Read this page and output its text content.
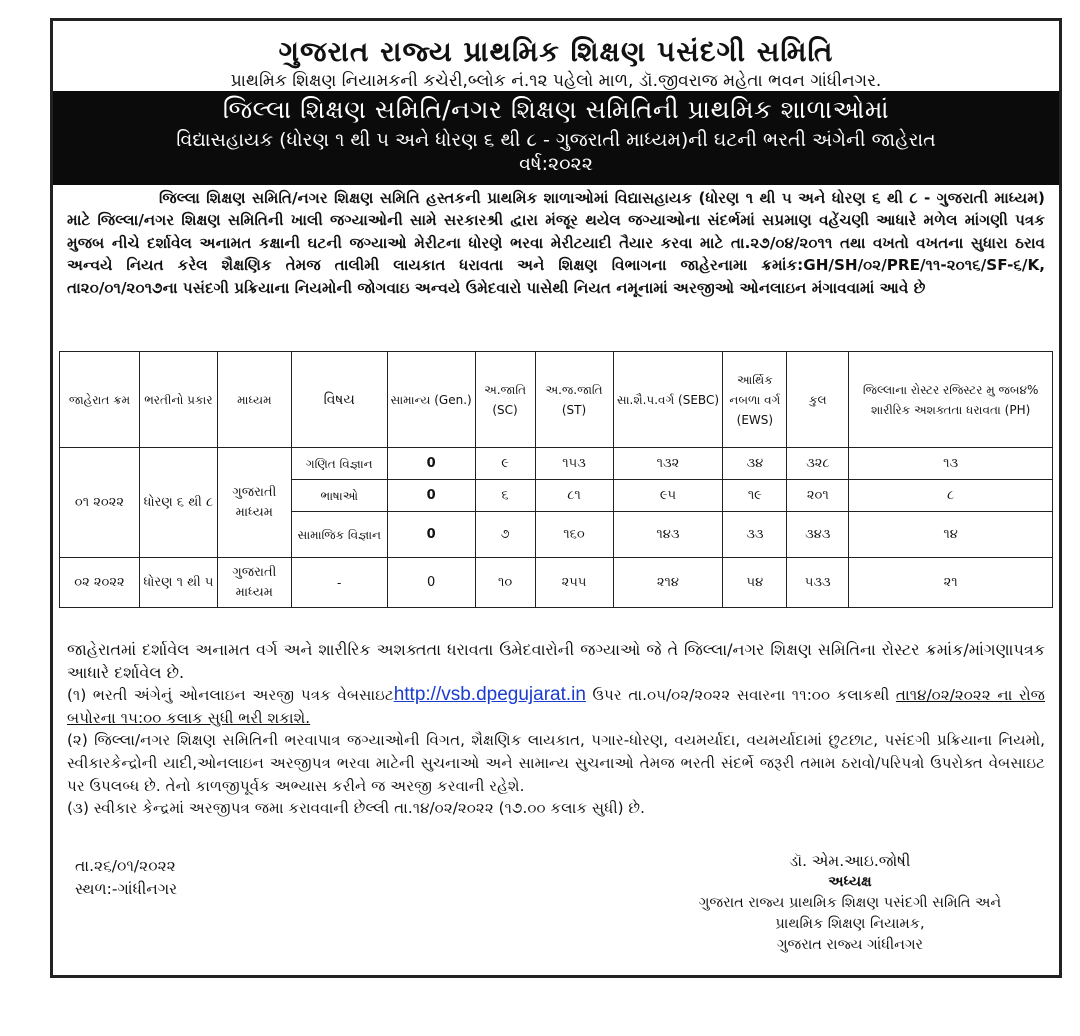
ગુજરાત રાજ્ય પ્રાથમિક શિક્ષણ પસંદગી સમિતિ
પ્રાથમિક શિક્ષણ નિયામકની કચેરી,બ્લોક નં.૧૨ પહેલો માળ, ડૉ.જીવરાજ મહેતા ભવન ગાંધીનગર.
જિલ્લા શિક્ષણ સમિતિ/નગર શિક્ષણ સમિતિની પ્રાથમિક શાળાઓમાં
વિદ્યાસહાયક (ધોરણ ૧ થી ૫ અને ધોરણ ૬ થી ૮ - ગુજરાતી માધ્યમ)ની ઘટની ભરતી અંગેની જાહેરાત
વર્ષ:૨૦૨૨

જિલ્લા શિક્ષણ સમિતિ/નગર શિક્ષણ સમિતિ હસ્તકની પ્રાથમિક શાળાઓમાં વિદ્યાસહાયક (ધોરણ ૧ થી ૫ અને ધોરણ ૬ થી ૮ - ગુજરાતી માધ્યમ) માટે જિલ્લા/નગર શિક્ષણ સમિતિની ખાલી જગ્યાઓની સામે સરકારશ્રી દ્વારા મંજૂર થયેલ જગ્યાઓના સંદર્ભમાં સપ્રમાણ વહેંચણી આધારે મળેલ માંગણી પત્રક મુજબ નીચે દર્શાવેલ અનામત કક્ષાની ઘટની જગ્યાઓ મેરીટના ધોરણે ભરવા મેરીટયાદી તૈયાર કરવા માટે તા.૨૭/૦૪/૨૦૧૧ તથા વખતો વખતના સુધારા ઠરાવ અન્વયે નિયત કરેલ શૈક્ષણિક તેમજ તાલીમી લાયકાત ધરાવતા અને શિક્ષણ વિભાગના જાહેરનામા ક્રમાંક:GH/SH/૦૨/PRE/૧૧-૨૦૧૬/SF-૬/K, તા૨૦/૦૧/૨૦૧૭ના પસંદગી પ્રક્રિયાના નિયમોની જોગવાઇ અન્વયે ઉમેદવારો પાસેથી નિયત નમૂનામાં અરજીઓ ઓનલાઇન મંગાવવામાં આવે છે

જાહેરાત ક્રમ	ભરતીનો પ્રકાર	માધ્યમ	વિષય	સામાન્ય (Gen.)	અ.જાતિ (SC)	અ.જ.જાતિ (ST)	સા.શૈ.પ.વર્ગ (SEBC)	આર્થિક નબળા વર્ગ (EWS)	કુલ	જિલ્લાના રોસ્ટર રજિસ્ટર મુ જબ૪% શારીરિક અશક્તતા ધરાવતા (PH)
૦૧ ૨૦૨૨	ધોરણ ૬ થી ૮	ગુજરાતી માધ્યમ	ગણિત વિજ્ઞાન	0	૯	૧૫૩	૧૩૨	૩૪	૩૨૮	૧૩
			ભાષાઓ	0	૬	૮૧	૯૫	૧૯	૨૦૧	૮
			સામાજિક વિજ્ઞાન	0	૭	૧૬૦	૧૪૩	૩૩	૩૪૩	૧૪
૦૨ ૨૦૨૨	ધોરણ ૧ થી ૫	ગુજરાતી માધ્યમ	-	0	૧૦	૨૫૫	૨૧૪	૫૪	૫૩૩	૨૧

જાહેરાતમાં દર્શાવેલ અનામત વર્ગ અને શારીરિક અશક્તતા ધરાવતા ઉમેદવારોની જગ્યાઓ જે તે જિલ્લા/નગર શિક્ષણ સમિતિના રોસ્ટર ક્રમાંક/માંગણાપત્રક આધારે દર્શાવેલ છે.

(૧) ભરતી અંગેનું ઓનલાઇન અરજી પત્રક વેબસાઇટhttp://vsb.dpegujarat.in ઉપર તા.૦૫/૦૨/૨૦૨૨ સવારના ૧૧:૦૦ કલાકથી તા૧૪/૦૨/૨૦૨૨ ના રોજ બપોરના ૧૫:૦૦ કલાક સુધી ભરી શકાશે.

(૨) જિલ્લા/નગર શિક્ષણ સમિતિની ભરવાપાત્ર જગ્યાઓની વિગત, શૈક્ષણિક લાયકાત, પગાર-ધોરણ, વયમર્યાદા, વયમર્યાદામાં છુટછાટ, પસંદગી પ્રક્રિયાના નિયમો, સ્વીકારકેન્દ્રોની યાદી,ઓનલાઇન અરજીપત્ર ભરવા માટેની સુચનાઓ અને સામાન્ય સુચનાઓ તેમજ ભરતી સંદર્ભે જરૂરી તમામ ઠરાવો/પરિપત્રો ઉપરોક્ત વેબસાઇટ પર ઉપલબ્ધ છે. તેનો કાળજીપૂર્વક અભ્યાસ કરીને જ અરજી કરવાની રહેશે.

(૩) સ્વીકાર કેન્દ્રમાં અરજીપત્ર જમા કરાવવાની છેલ્લી તા.૧૪/૦૨/૨૦૨૨ (૧૭.૦૦ કલાક સુધી) છે.

તા.૨૬/૦૧/૨૦૨૨
સ્થળ:-ગાંધીનગર
ડૉ. એમ.આઇ.જોષી
અધ્યક્ષ
ગુજરાત રાજ્ય પ્રાથમિક શિક્ષણ પસંદગી સમિતિ અને
પ્રાથમિક શિક્ષણ નિયામક,
ગુજરાત રાજ્ય ગાંધીનગર
